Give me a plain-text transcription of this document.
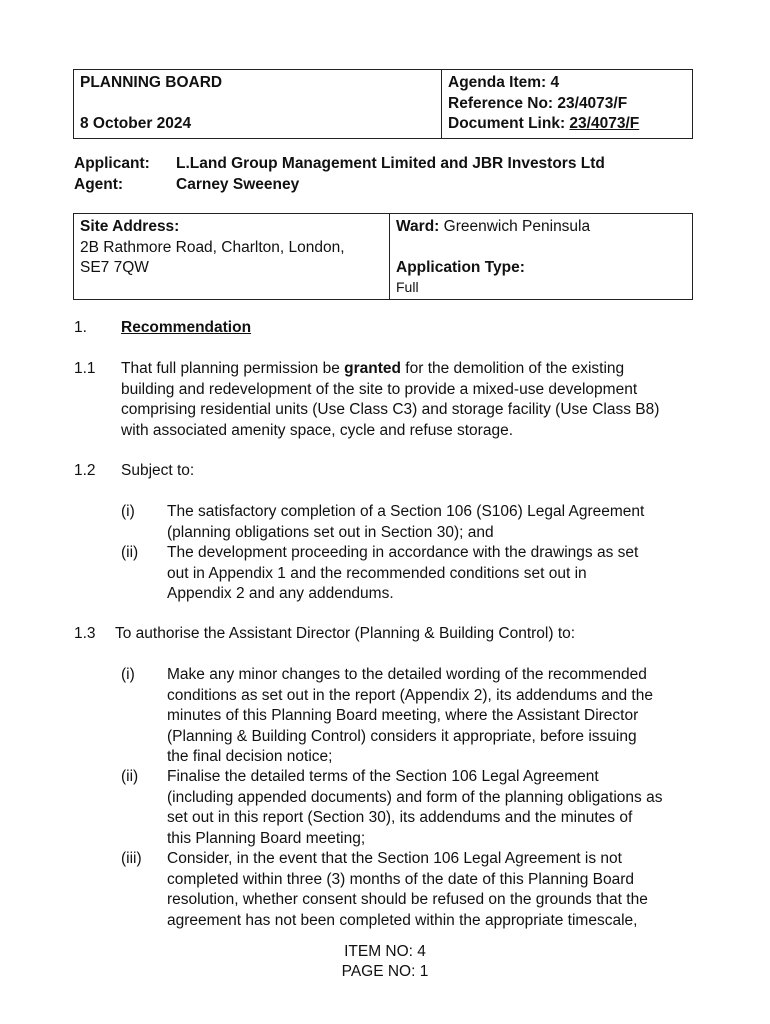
PLANNING BOARD
8 October 2024

Agenda Item: 4
Reference No: 23/4073/F
Document Link: 23/4073/F
Applicant: L.Land Group Management Limited and JBR Investors Ltd
Agent:	Carney Sweeney
Site Address:
2B Rathmore Road, Charlton, London,
SE7 7QW

Ward: Greenwich Peninsula
Application Type:
Full
1. Recommendation
1.1 That full planning permission be granted for the demolition of the existing
building and redevelopment of the site to provide a mixed-use development
comprising residential units (Use Class C3) and storage facility (Use Class B8)
with associated amenity space, cycle and refuse storage.
1.2 Subject to:
(i) The satisfactory completion of a Section 106 (S106) Legal Agreement
(planning obligations set out in Section 30); and
(ii) The development proceeding in accordance with the drawings as set
out in Appendix 1 and the recommended conditions set out in
Appendix 2 and any addendums.
1.3 To authorise the Assistant Director (Planning & Building Control) to:
(i) Make any minor changes to the detailed wording of the recommended
conditions as set out in the report (Appendix 2), its addendums and the
minutes of this Planning Board meeting, where the Assistant Director
(Planning & Building Control) considers it appropriate, before issuing
the final decision notice;
(ii) Finalise the detailed terms of the Section 106 Legal Agreement
(including appended documents) and form of the planning obligations as
set out in this report (Section 30), its addendums and the minutes of
this Planning Board meeting;
(iii) Consider, in the event that the Section 106 Legal Agreement is not
completed within three (3) months of the date of this Planning Board
resolution, whether consent should be refused on the grounds that the
agreement has not been completed within the appropriate timescale,
ITEM NO: 4
PAGE NO: 1
